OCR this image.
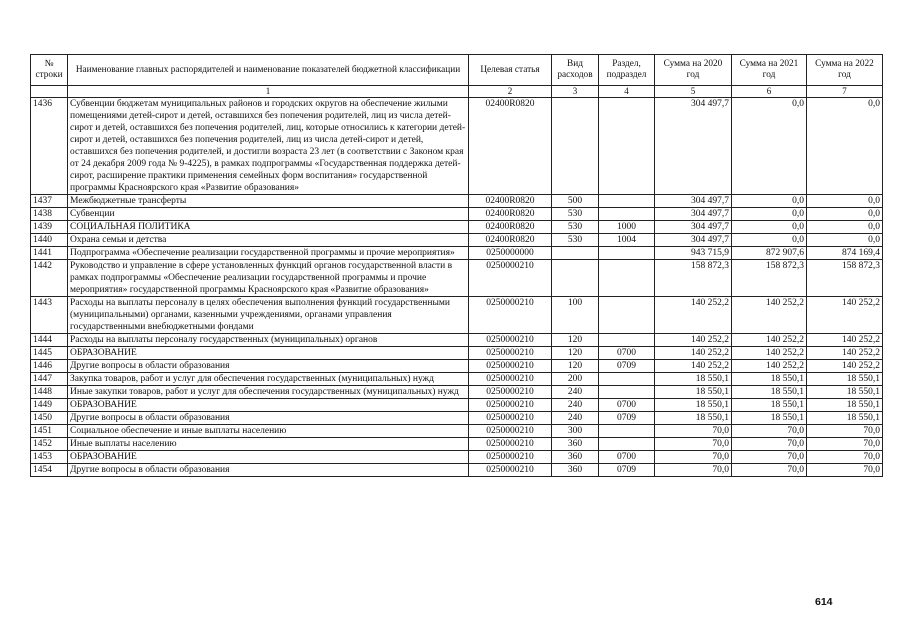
№ строки	Наименование главных распорядителей и наименование показателей бюджетной классификации	Целевая статья	Вид расходов	Раздел, подраздел	Сумма на 2020 год	Сумма на 2021 год	Сумма на 2022 год
	1	2	3	4	5	6	7
1436	Субвенции бюджетам муниципальных районов и городских округов на обеспечение жилыми помещениями детей-сирот и детей, оставшихся без попечения родителей, лиц из числа детей-сирот и детей, оставшихся без попечения родителей, лиц, которые относились к категории детей-сирот и детей, оставшихся без попечения родителей, лиц из числа детей-сирот и детей, оставшихся без попечения родителей, и достигли возраста 23 лет (в соответствии с Законом края от 24 декабря 2009 года № 9-4225), в рамках подпрограммы «Государственная поддержка детей-сирот, расширение практики применения семейных форм воспитания» государственной программы Красноярского края «Развитие образования»	02400R0820			304 497,7	0,0	0,0
1437	Межбюджетные трансферты	02400R0820	500		304 497,7	0,0	0,0
1438	Субвенции	02400R0820	530		304 497,7	0,0	0,0
1439	СОЦИАЛЬНАЯ ПОЛИТИКА	02400R0820	530	1000	304 497,7	0,0	0,0
1440	Охрана семьи и детства	02400R0820	530	1004	304 497,7	0,0	0,0
1441	Подпрограмма «Обеспечение реализации государственной программы и прочие мероприятия»	0250000000			943 715,9	872 907,6	874 169,4
1442	Руководство и управление в сфере установленных функций органов государственной власти в рамках подпрограммы «Обеспечение реализации государственной программы и прочие мероприятия» государственной программы Красноярского края «Развитие образования»	0250000210			158 872,3	158 872,3	158 872,3
1443	Расходы на выплаты персоналу в целях обеспечения выполнения функций государственными (муниципальными) органами, казенными учреждениями, органами управления государственными внебюджетными фондами	0250000210	100		140 252,2	140 252,2	140 252,2
1444	Расходы на выплаты персоналу государственных (муниципальных) органов	0250000210	120		140 252,2	140 252,2	140 252,2
1445	ОБРАЗОВАНИЕ	0250000210	120	0700	140 252,2	140 252,2	140 252,2
1446	Другие вопросы в области образования	0250000210	120	0709	140 252,2	140 252,2	140 252,2
1447	Закупка товаров, работ и услуг для обеспечения государственных (муниципальных) нужд	0250000210	200		18 550,1	18 550,1	18 550,1
1448	Иные закупки товаров, работ и услуг для обеспечения государственных (муниципальных) нужд	0250000210	240		18 550,1	18 550,1	18 550,1
1449	ОБРАЗОВАНИЕ	0250000210	240	0700	18 550,1	18 550,1	18 550,1
1450	Другие вопросы в области образования	0250000210	240	0709	18 550,1	18 550,1	18 550,1
1451	Социальное обеспечение и иные выплаты населению	0250000210	300		70,0	70,0	70,0
1452	Иные выплаты населению	0250000210	360		70,0	70,0	70,0
1453	ОБРАЗОВАНИЕ	0250000210	360	0700	70,0	70,0	70,0
1454	Другие вопросы в области образования	0250000210	360	0709	70,0	70,0	70,0
614
